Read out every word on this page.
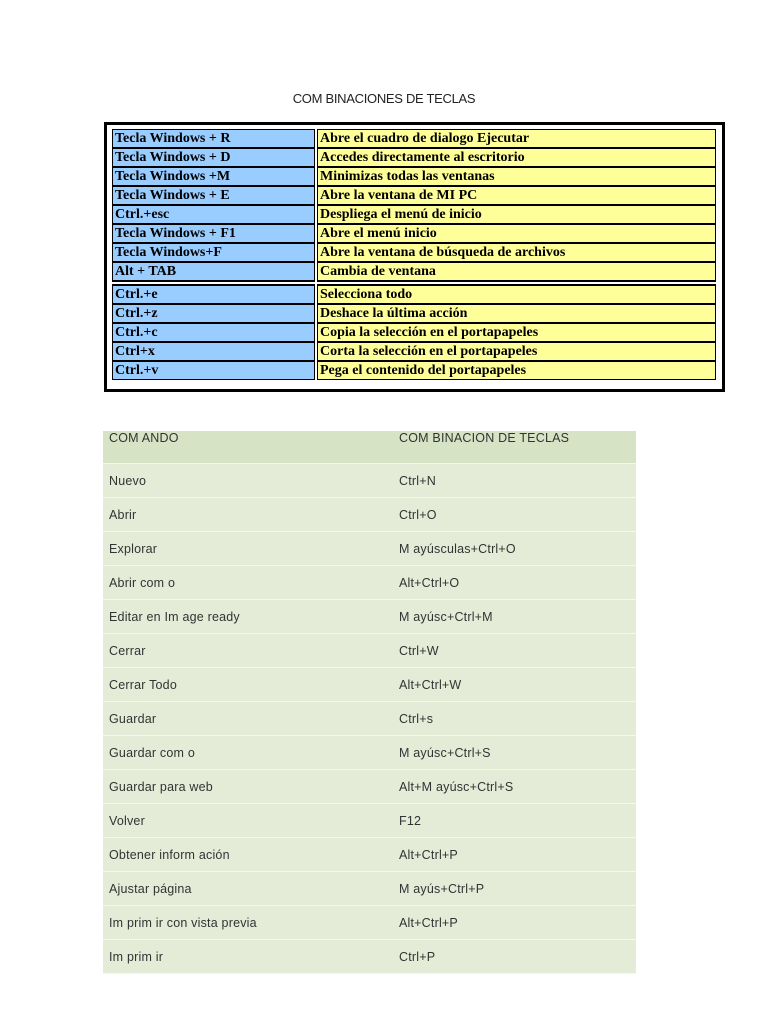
COM BINACIONES DE TECLAS
Tecla Windows + R		Abre el cuadro de dialogo Ejecutar
Tecla Windows + D		Accedes directamente al escritorio
Tecla Windows +M		Minimizas todas las ventanas
Tecla Windows + E		Abre la ventana de MI PC
Ctrl.+esc		Despliega el menú de inicio
Tecla Windows + F1		Abre el menú inicio
Tecla Windows+F		Abre la ventana de búsqueda de archivos
Alt + TAB		Cambia de ventana

Ctrl.+e		Selecciona todo
Ctrl.+z		Deshace la última acción
Ctrl.+c		Copia la selección en el portapapeles
Ctrl+x		Corta la selección en el portapapeles
Ctrl.+v		Pega el contenido del portapapeles
COM ANDO	COM BINACION DE TECLAS
Nuevo	Ctrl+N
Abrir	Ctrl+O
Explorar	M ayúsculas+Ctrl+O
Abrir com o	Alt+Ctrl+O
Editar en Im age ready	M ayúsc+Ctrl+M
Cerrar	Ctrl+W
Cerrar Todo	Alt+Ctrl+W
Guardar	Ctrl+s
Guardar com o	M ayúsc+Ctrl+S
Guardar para web	Alt+M ayúsc+Ctrl+S
Volver	F12
Obtener inform ación	Alt+Ctrl+P
Ajustar página	M ayús+Ctrl+P
Im prim ir con vista previa	Alt+Ctrl+P
Im prim ir	Ctrl+P
